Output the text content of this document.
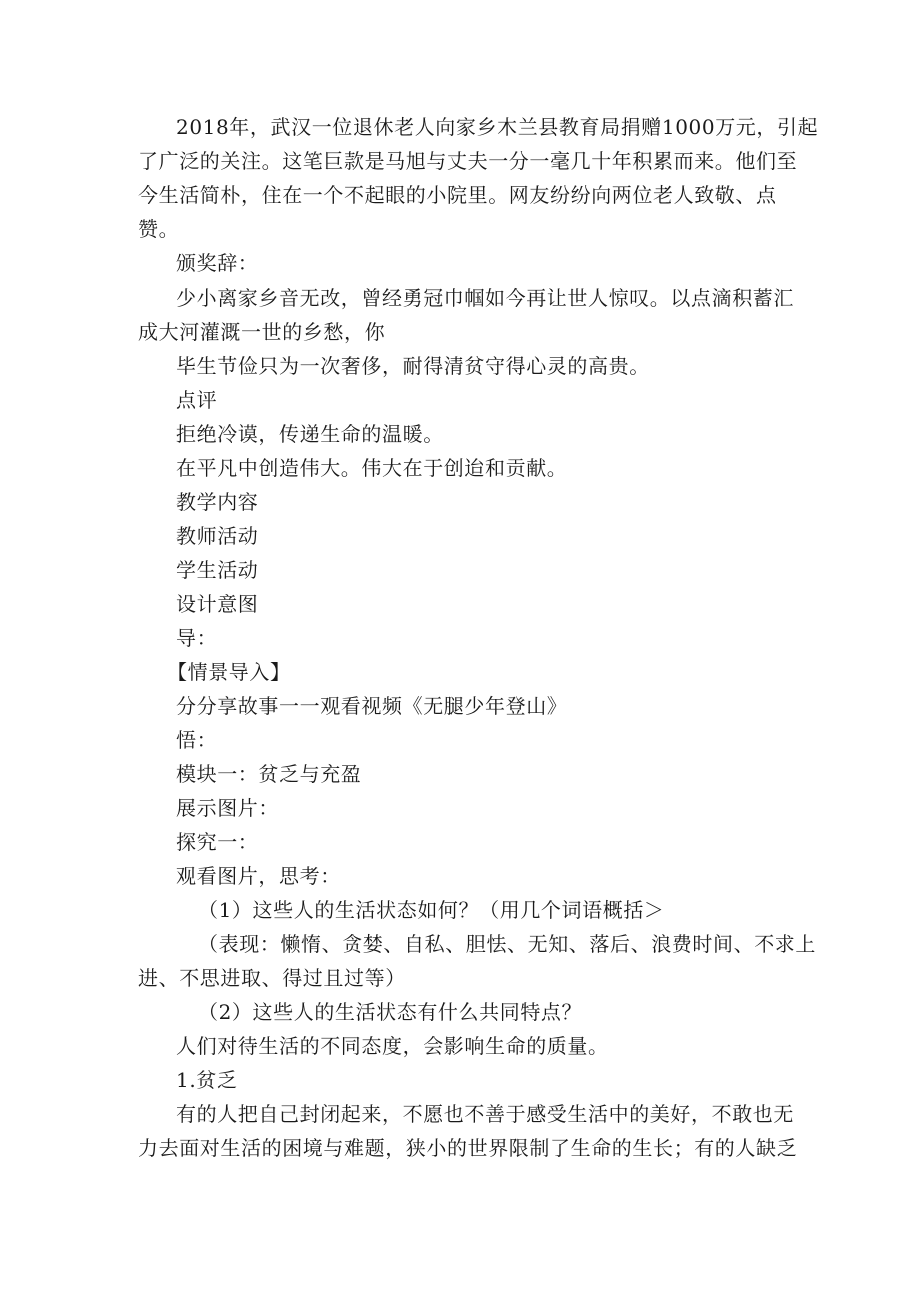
2018年，武汉一位退休老人向家乡木兰县教育局捐赠1000万元，引起
了广泛的关注。这笔巨款是马旭与丈夫一分一毫几十年积累而来。他们至
今生活简朴，住在一个不起眼的小院里。网友纷纷向两位老人致敬、点
赞。
颁奖辞：
少小离家乡音无改，曾经勇冠巾帼如今再让世人惊叹。以点滴积蓄汇
成大河灌溉一世的乡愁，你
毕生节俭只为一次奢侈，耐得清贫守得心灵的高贵。
点评
拒绝冷谟，传递生命的温暖。
在平凡中创造伟大。伟大在于创迨和贡献。
教学内容
教师活动
学生活动
设计意图
导：
【情景导入】
分分享故事一一观看视频《无腿少年登山》
悟：
模块一：贫乏与充盈
展示图片：
探究一：
观看图片，思考：
（1）这些人的生活状态如何？（用几个词语概括＞
（表现：懒惰、贪婪、自私、胆怯、无知、落后、浪费时间、不求上
进、不思进取、得过且过等）
（2）这些人的生活状态有什么共同特点？
人们对待生活的不同态度，会影响生命的质量。
1.贫乏
有的人把自己封闭起来，不愿也不善于感受生活中的美好，不敢也无
力去面对生活的困境与难题，狭小的世界限制了生命的生长；有的人缺乏
